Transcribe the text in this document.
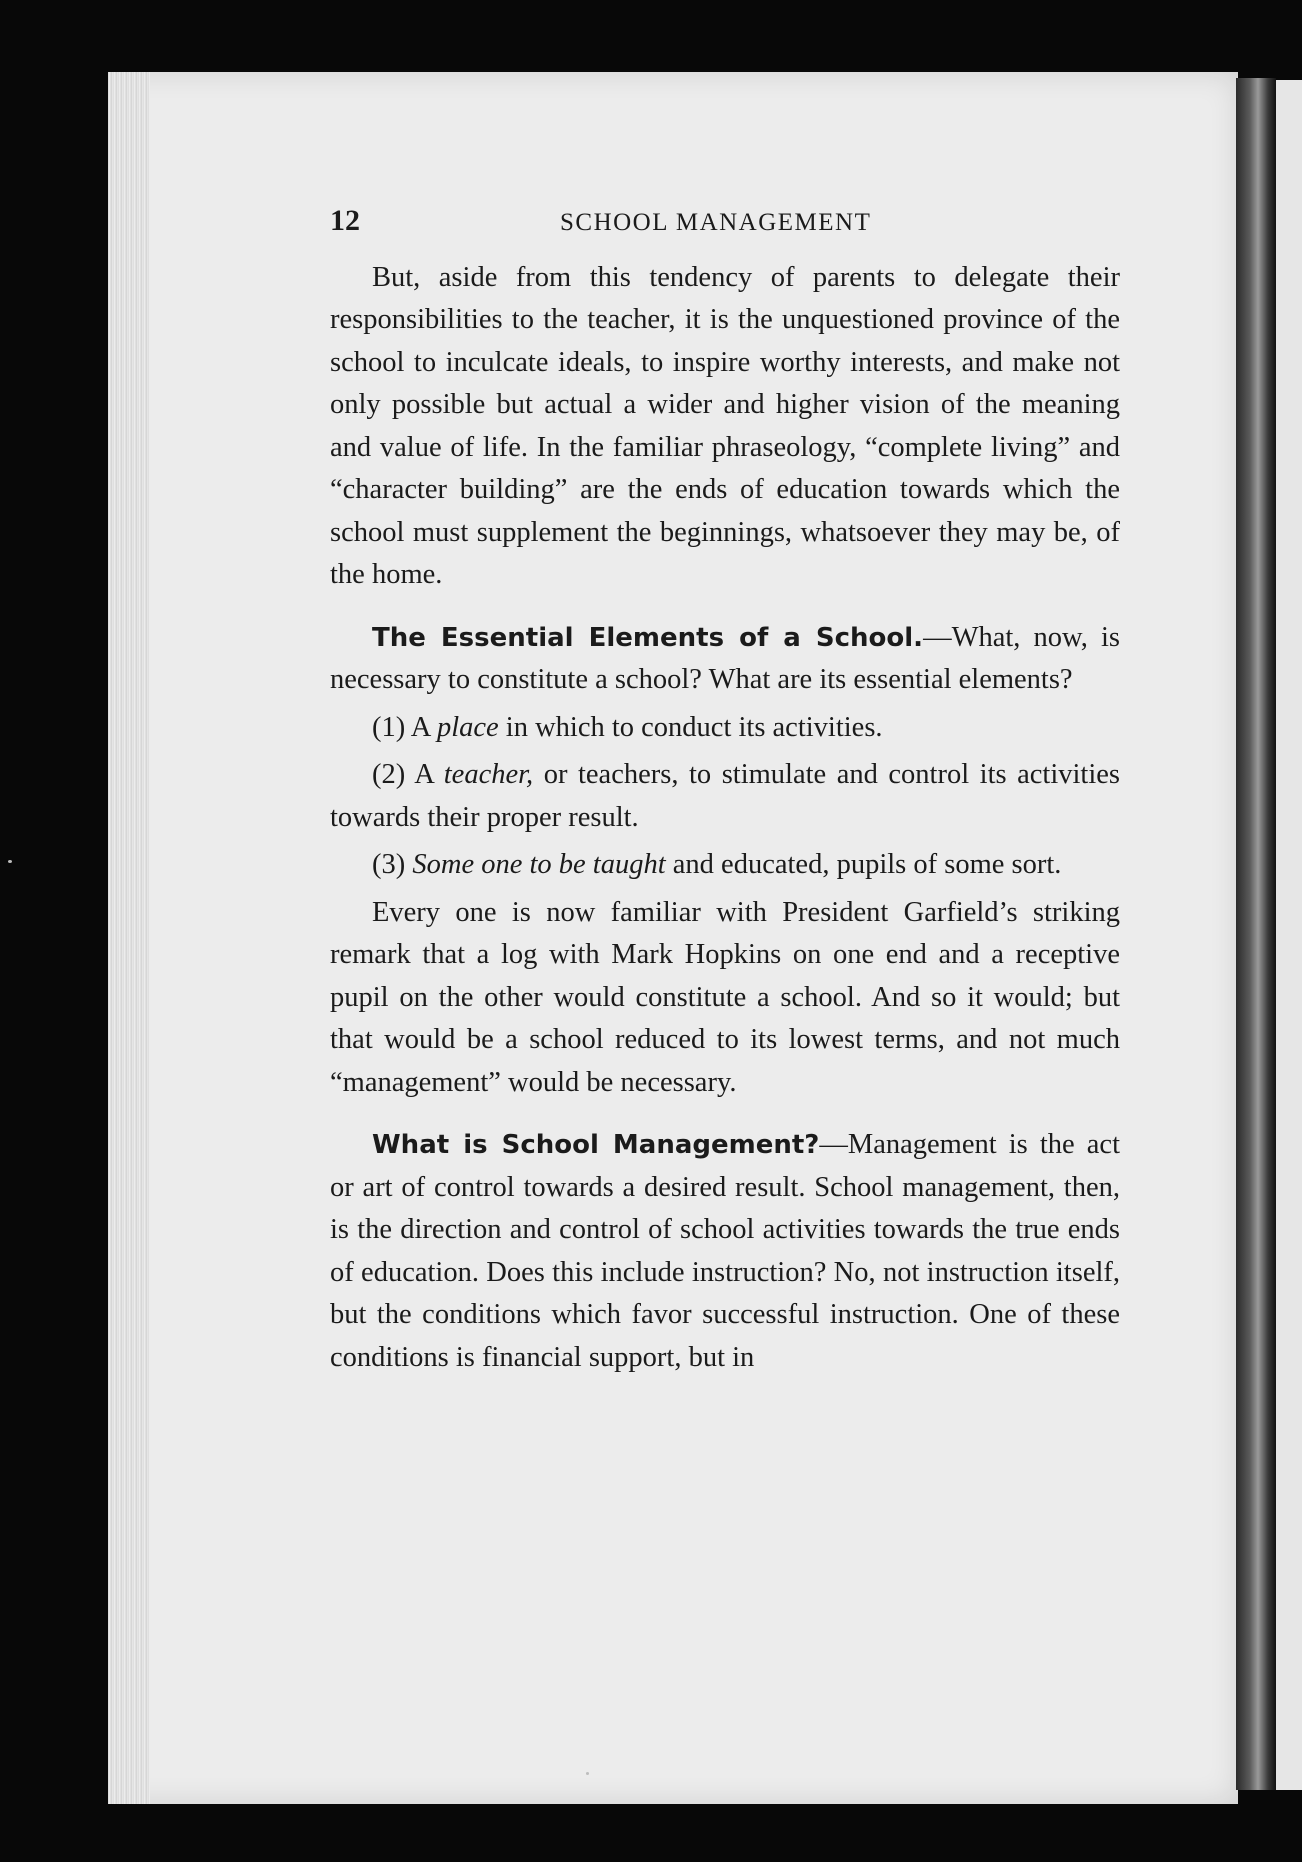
12	SCHOOL MANAGEMENT

But, aside from this tendency of parents to delegate their responsibilities to the teacher, it is the unquestioned province of the school to inculcate ideals, to inspire worthy interests, and make not only possible but actual a wider and higher vision of the meaning and value of life. In the familiar phraseology, “complete living” and “character building” are the ends of education towards which the school must supplement the beginnings, whatsoever they may be, of the home.

The Essential Elements of a School.—What, now, is necessary to constitute a school? What are its essential elements?

(1) A place in which to conduct its activities.

(2) A teacher, or teachers, to stimulate and control its activities towards their proper result.

(3) Some one to be taught and educated, pupils of some sort.

Every one is now familiar with President Garfield’s striking remark that a log with Mark Hopkins on one end and a receptive pupil on the other would constitute a school. And so it would; but that would be a school reduced to its lowest terms, and not much “management” would be necessary.

What is School Management?—Management is the act or art of control towards a desired result. School management, then, is the direction and control of school activities towards the true ends of education. Does this include instruction? No, not instruction itself, but the conditions which favor successful instruction. One of these conditions is financial support, but in
